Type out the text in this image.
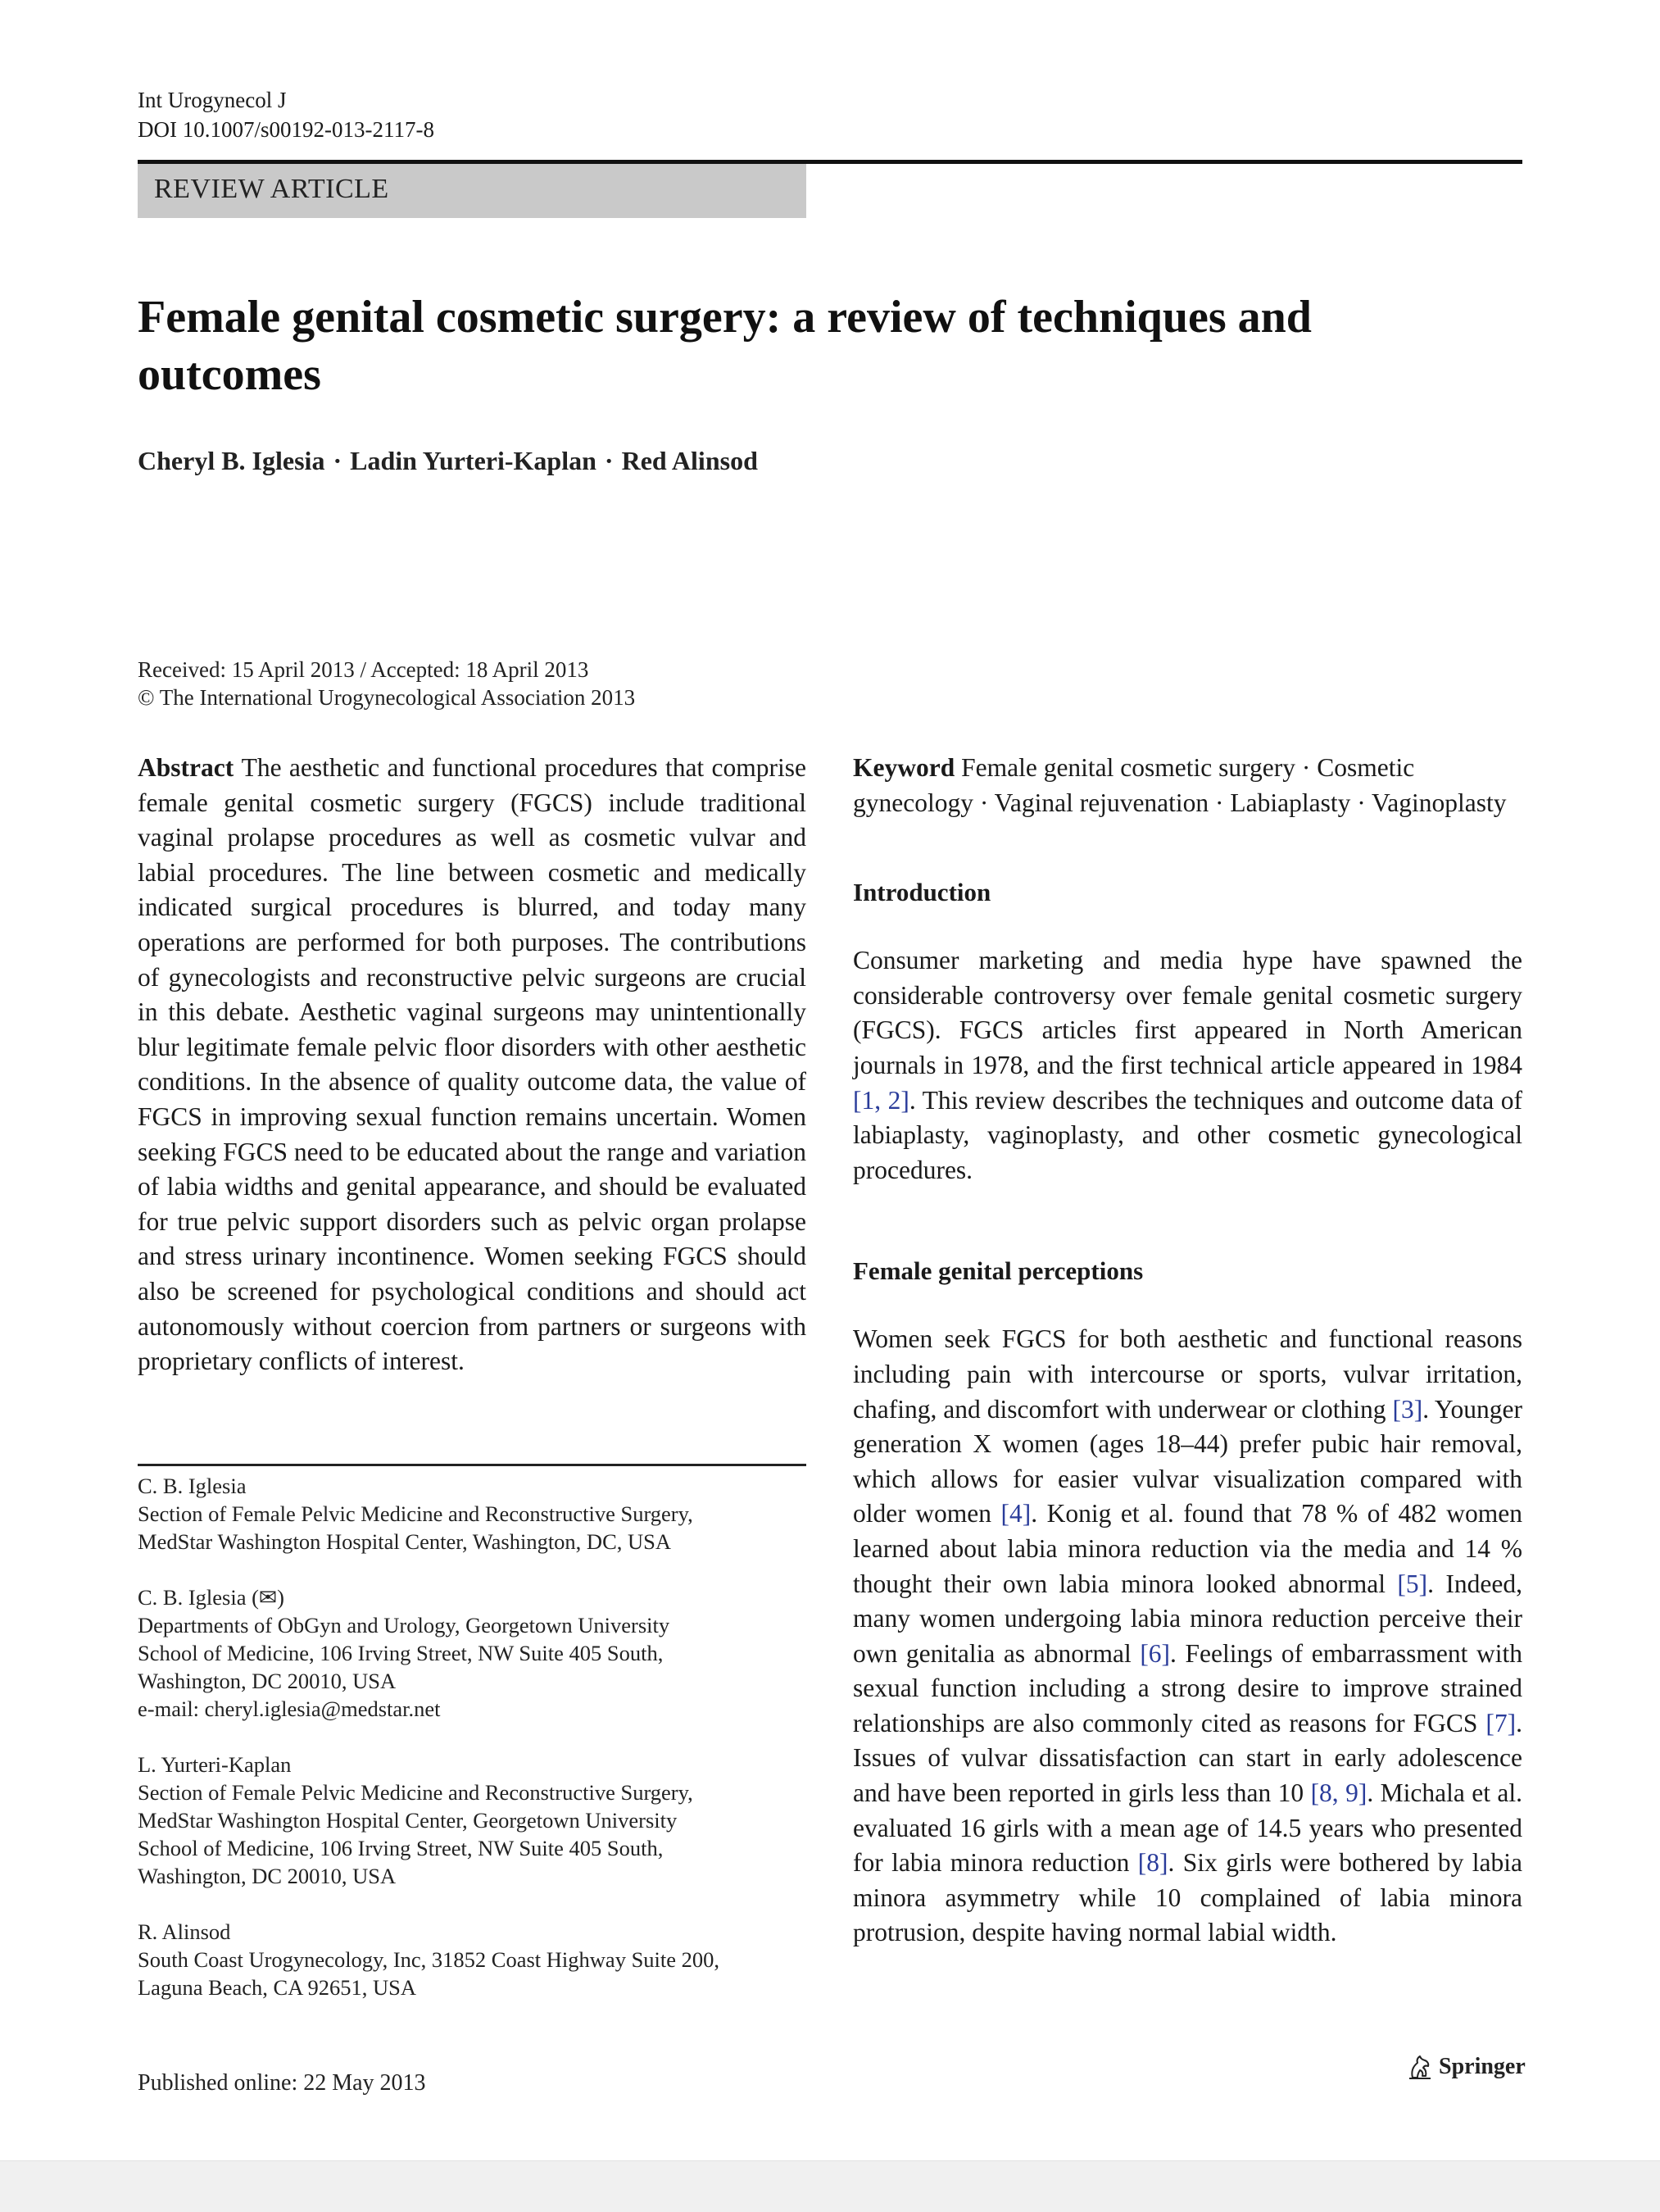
Int Urogynecol J
DOI 10.1007/s00192-013-2117-8
REVIEW ARTICLE
Female genital cosmetic surgery: a review of techniques and outcomes
Cheryl B. Iglesia · Ladin Yurteri-Kaplan · Red Alinsod
Received: 15 April 2013 / Accepted: 18 April 2013
© The International Urogynecological Association 2013

Abstract The aesthetic and functional procedures that comprise female genital cosmetic surgery (FGCS) include traditional vaginal prolapse procedures as well as cosmetic vulvar and labial procedures. The line between cosmetic and medically indicated surgical procedures is blurred, and today many operations are performed for both purposes. The contributions of gynecologists and reconstructive pelvic surgeons are crucial in this debate. Aesthetic vaginal surgeons may unintentionally blur legitimate female pelvic floor disorders with other aesthetic conditions. In the absence of quality outcome data, the value of FGCS in improving sexual function remains uncertain. Women seeking FGCS need to be educated about the range and variation of labia widths and genital appearance, and should be evaluated for true pelvic support disorders such as pelvic organ prolapse and stress urinary incontinence. Women seeking FGCS should also be screened for psychological conditions and should act autonomously without coercion from partners or surgeons with proprietary conflicts of interest.

C. B. Iglesia
Section of Female Pelvic Medicine and Reconstructive Surgery,
MedStar Washington Hospital Center, Washington, DC, USA
C. B. Iglesia (✉)
Departments of ObGyn and Urology, Georgetown University
School of Medicine, 106 Irving Street, NW Suite 405 South,
Washington, DC 20010, USA
e-mail: cheryl.iglesia@medstar.net
L. Yurteri-Kaplan
Section of Female Pelvic Medicine and Reconstructive Surgery,
MedStar Washington Hospital Center, Georgetown University
School of Medicine, 106 Irving Street, NW Suite 405 South,
Washington, DC 20010, USA
R. Alinsod
South Coast Urogynecology, Inc, 31852 Coast Highway Suite 200,
Laguna Beach, CA 92651, USA

Keyword Female genital cosmetic surgery · Cosmetic gynecology · Vaginal rejuvenation · Labiaplasty · Vaginoplasty

Introduction

Consumer marketing and media hype have spawned the considerable controversy over female genital cosmetic surgery (FGCS). FGCS articles first appeared in North American journals in 1978, and the first technical article appeared in 1984 [1, 2]. This review describes the techniques and outcome data of labiaplasty, vaginoplasty, and other cosmetic gynecological procedures.

Female genital perceptions

Women seek FGCS for both aesthetic and functional reasons including pain with intercourse or sports, vulvar irritation, chafing, and discomfort with underwear or clothing [3]. Younger generation X women (ages 18–44) prefer pubic hair removal, which allows for easier vulvar visualization compared with older women [4]. Konig et al. found that 78 % of 482 women learned about labia minora reduction via the media and 14 % thought their own labia minora looked abnormal [5]. Indeed, many women undergoing labia minora reduction perceive their own genitalia as abnormal [6]. Feelings of embarrassment with sexual function including a strong desire to improve strained relationships are also commonly cited as reasons for FGCS [7]. Issues of vulvar dissatisfaction can start in early adolescence and have been reported in girls less than 10 [8, 9]. Michala et al. evaluated 16 girls with a mean age of 14.5 years who presented for labia minora reduction [8]. Six girls were bothered by labia minora asymmetry while 10 complained of labia minora protrusion, despite having normal labial width.

Published online: 22 May 2013
Springer
